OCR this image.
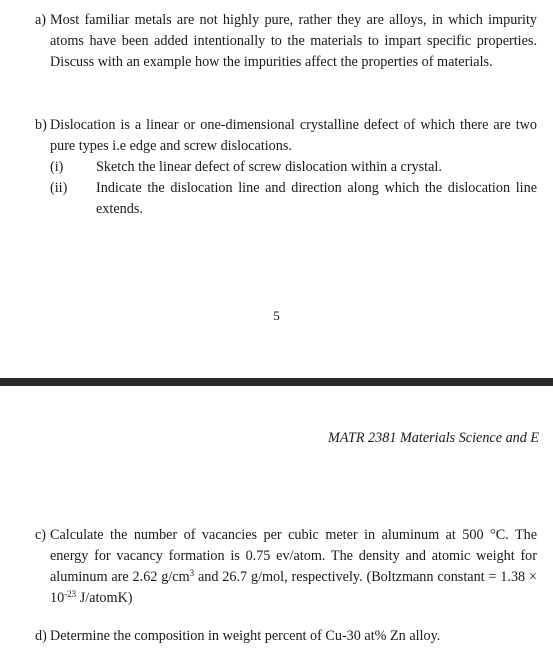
a) Most familiar metals are not highly pure, rather they are alloys, in which impurity atoms have been added intentionally to the materials to impart specific properties. Discuss with an example how the impurities affect the properties of materials.
b) Dislocation is a linear or one-dimensional crystalline defect of which there are two pure types i.e edge and screw dislocations.
(i) Sketch the linear defect of screw dislocation within a crystal.
(ii) Indicate the dislocation line and direction along which the dislocation line extends.
5
MATR 2381 Materials Science and E
c) Calculate the number of vacancies per cubic meter in aluminum at 500 °C. The energy for vacancy formation is 0.75 ev/atom. The density and atomic weight for aluminum are 2.62 $g/cm^3$ and 26.7 g/mol, respectively. (Boltzmann constant = $1.38 \times 10^{-23}$ J/atomK)
d) Determine the composition in weight percent of Cu-30 at% Zn alloy.
